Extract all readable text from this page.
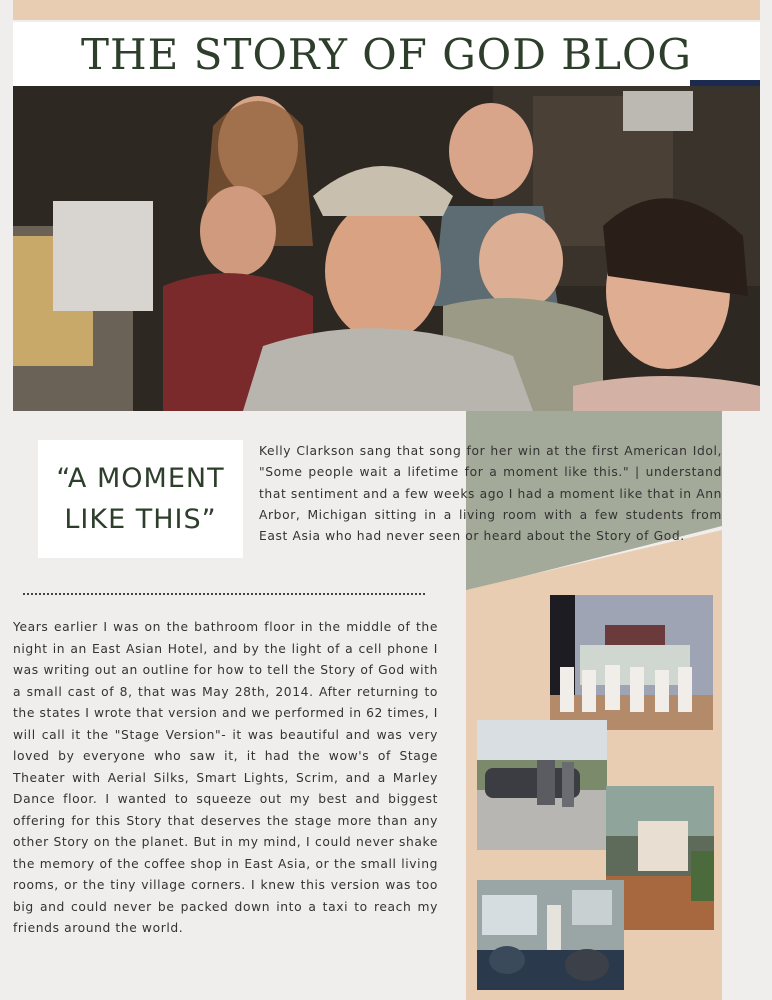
THE STORY OF GOD BLOG
“A MOMENT
LIKE THIS”
Kelly Clarkson sang that song for her win at the first American Idol, "Some people wait a lifetime for a moment like this." | understand that sentiment and a few weeks ago I had a moment like that in Ann Arbor, Michigan sitting in a living room with a few students from East Asia who had never seen or heard about the Story of God.
Years earlier I was on the bathroom floor in the middle of the night in an East Asian Hotel, and by the light of a cell phone I was writing out an outline for how to tell the Story of God with a small cast of 8, that was May 28th, 2014. After returning to the states I wrote that version and we performed in 62 times, I will call it the "Stage Version"- it was beautiful and was very loved by everyone who saw it, it had the wow's of Stage Theater with Aerial Silks, Smart Lights, Scrim, and a Marley Dance floor. I wanted to squeeze out my best and biggest offering for this Story that deserves the stage more than any other Story on the planet. But in my mind, I could never shake the memory of the coffee shop in East Asia, or the small living rooms, or the tiny village corners. I knew this version was too big and could never be packed down into a taxi to reach my friends around the world.
